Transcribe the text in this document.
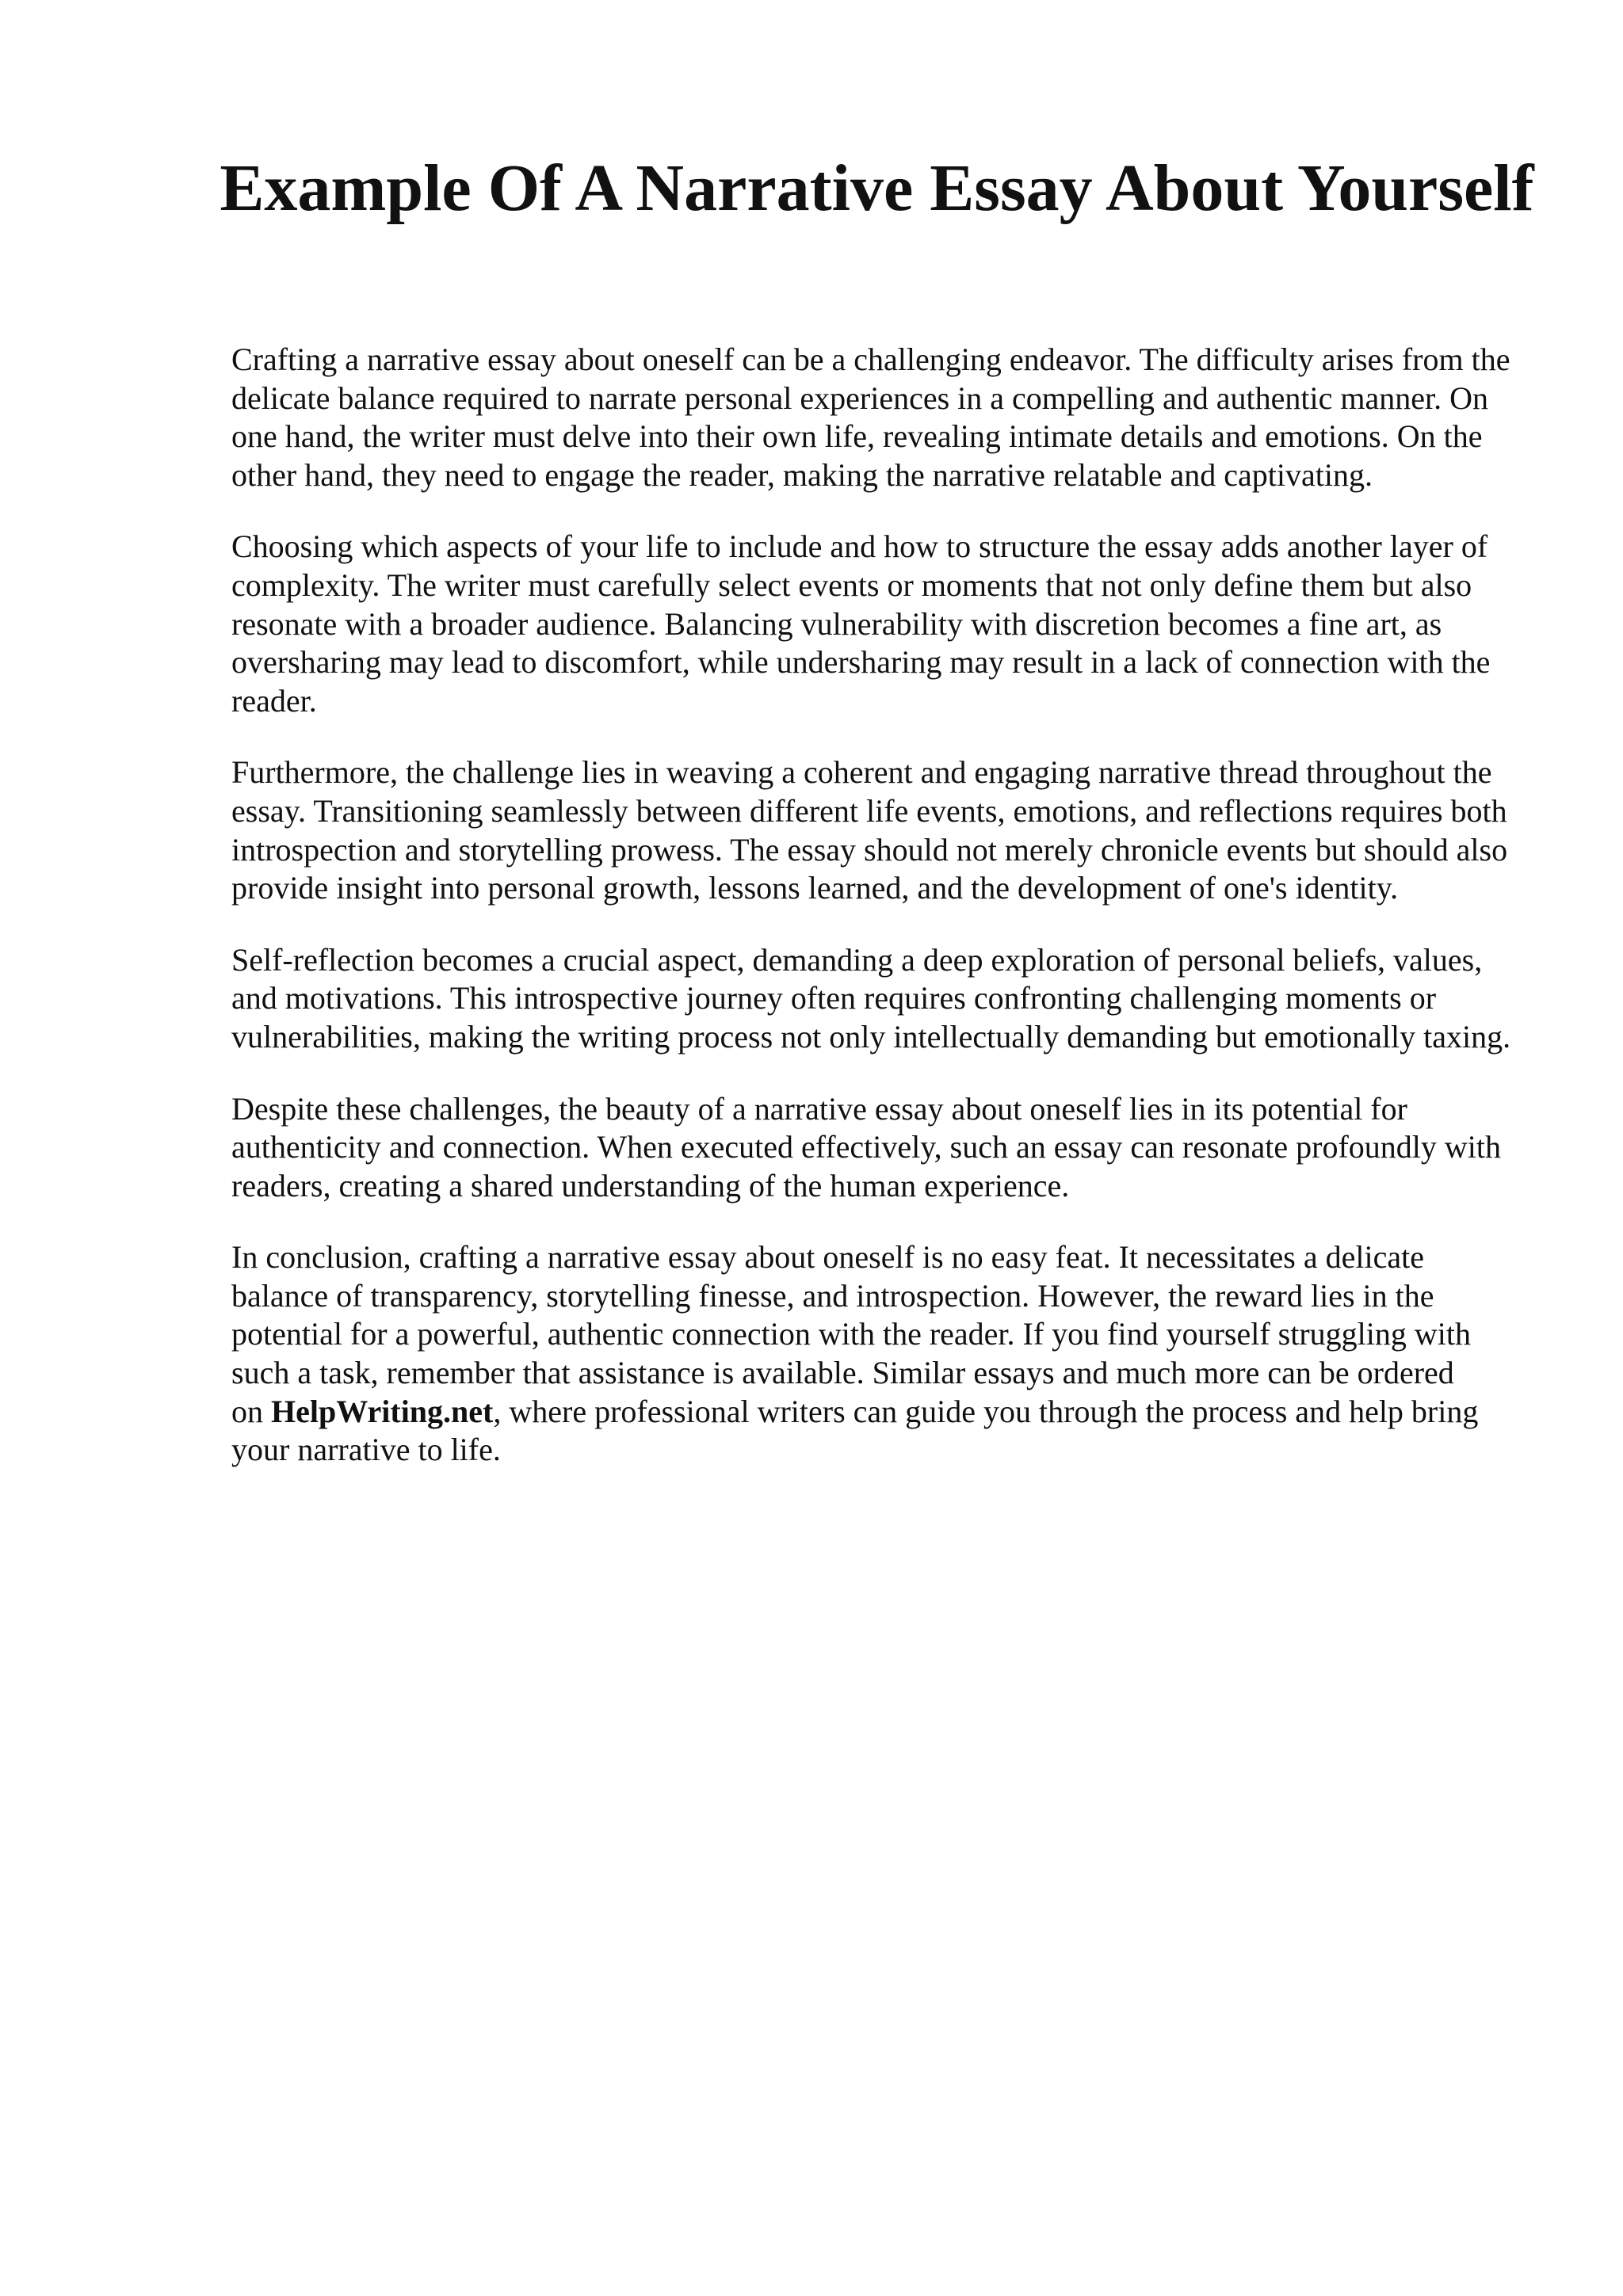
Example Of A Narrative Essay About Yourself

Crafting a narrative essay about oneself can be a challenging endeavor. The difficulty arises from the delicate balance required to narrate personal experiences in a compelling and authentic manner. On one hand, the writer must delve into their own life, revealing intimate details and emotions. On the other hand, they need to engage the reader, making the narrative relatable and captivating.

Choosing which aspects of your life to include and how to structure the essay adds another layer of complexity. The writer must carefully select events or moments that not only define them but also resonate with a broader audience. Balancing vulnerability with discretion becomes a fine art, as oversharing may lead to discomfort, while undersharing may result in a lack of connection with the reader.

Furthermore, the challenge lies in weaving a coherent and engaging narrative thread throughout the essay. Transitioning seamlessly between different life events, emotions, and reflections requires both introspection and storytelling prowess. The essay should not merely chronicle events but should also provide insight into personal growth, lessons learned, and the development of one's identity.

Self-reflection becomes a crucial aspect, demanding a deep exploration of personal beliefs, values, and motivations. This introspective journey often requires confronting challenging moments or vulnerabilities, making the writing process not only intellectually demanding but emotionally taxing.

Despite these challenges, the beauty of a narrative essay about oneself lies in its potential for authenticity and connection. When executed effectively, such an essay can resonate profoundly with readers, creating a shared understanding of the human experience.

In conclusion, crafting a narrative essay about oneself is no easy feat. It necessitates a delicate balance of transparency, storytelling finesse, and introspection. However, the reward lies in the potential for a powerful, authentic connection with the reader. If you find yourself struggling with such a task, remember that assistance is available. Similar essays and much more can be ordered on HelpWriting.net, where professional writers can guide you through the process and help bring your narrative to life.
